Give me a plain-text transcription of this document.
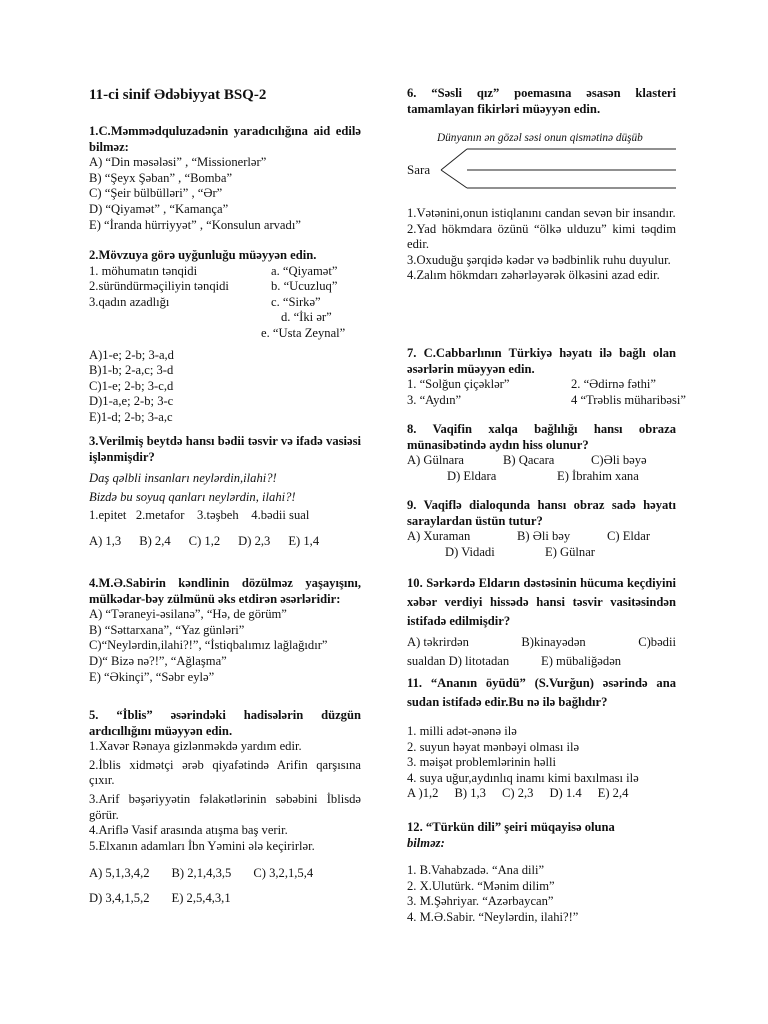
11-ci sinif Ədəbiyyat BSQ-2
1.C.Məmmədquluzadənin yaradıcılığına aid edilə bilməz:
A) “Din məsələsi” , “Missionerlər”
B) “Şeyx Şəban” , “Bomba”
C) “Şeir bülbülləri” , “Ər”
D) “Qiyamət” , “Kamança”
E) “İranda hürriyyət” , “Konsulun arvadı”
2.Mövzuya görə uyğunluğu müəyyən edin.
1. möhumatın tənqidi	a. “Qiyamət”
2.süründürməçiliyin tənqidi	b. “Ucuzluq”
3.qadın azadlığı	c. “Sirkə”
d. “İki ər”
e. “Usta Zeynal”
A)1-e; 2-b; 3-a,d
B)1-b; 2-a,c; 3-d
C)1-e; 2-b; 3-c,d
D)1-a,e; 2-b; 3-c
E)1-d; 2-b; 3-a,c
3.Verilmiş beytdə hansı bədii təsvir və ifadə vasiəsi işlənmişdir?
Daş qəlbli insanları neylərdin,ilahi?!
Bizdə bu soyuq qanları neylərdin, ilahi?!
1.epitet   2.metafor    3.təşbeh    4.bədii sual
A) 1,3 B) 2,4 C) 1,2 D) 2,3 E) 1,4
4.M.Ə.Sabirin kəndlinin dözülməz yaşayışını, mülkədar-bəy zülmünü əks etdirən əsərləridir:
A) “Təraneyi-əsilanə”, “Hə, de görüm”
B) “Səttarxana”, “Yaz günləri”
C)“Neylərdin,ilahi?!”, “İstiqbalımız lağlağıdır”
D)“ Bizə nə?!”, “Ağlaşma”
E) “Əkinçi”, “Səbr eylə”
5. “İblis” əsərindəki hadisələrin düzgün ardıcıllığını müəyyən edin.
1.Xavər Rənaya gizlənməkdə yardım edir.
2.İblis xidmətçi ərəb qiyafətində Arifin qarşısına çıxır.
3.Arif bəşəriyyətin fəlakətlərinin səbəbini İblisdə görür.
4.Ariflə Vasif arasında atışma baş verir.
5.Elxanın adamları İbn Yəmini ələ keçirirlər.
A) 5,1,3,4,2 B) 2,1,4,3,5 C) 3,2,1,5,4
D) 3,4,1,5,2 E) 2,5,4,3,1
6. “Səsli qız” poemasına əsasən klasteri tamamlayan fikirləri müəyyən edin.
Dünyanın ən gözəl səsi onun qismətinə düşüb
Sara
1.Vətənini,onun istiqlanını candan sevən bir insandır.
2.Yad hökmdara özünü “ölkə ulduzu” kimi təqdim edir.
3.Oxuduğu şərqidə kədər və bədbinlik ruhu duyulur.
4.Zalım hökmdarı zəhərləyərək ölkəsini azad edir.
7. C.Cabbarlının Türkiyə həyatı ilə bağlı olan əsərlərin müəyyən edin.
1. “Solğun çiçəklər”	2. “Ədirnə fəthi”
3. “Aydın”	4 “Trəblis müharibəsi”
8. Vaqifin xalqa bağlılığı hansı obraza münasibətində aydın hiss olunur?
A) Gülnara	B) Qacara	C)Əli bəyə
D) Eldara	E) İbrahim xana
9. Vaqiflə dialoqunda hansı obraz sadə həyatı saraylardan üstün tutur?
A) Xuraman	B) Əli bəy	C) Eldar
D) Vidadi	E) Gülnar
10. Sərkərdə Eldarın dəstəsinin hücuma keçdiyini xəbər verdiyi hissədə hansi təsvir vasitəsindən istifadə edilmişdir?
A) təkrirdən	B)kinayədən	C)bədii
sualdan D) litotadan	E) mübaliğədən
11. “Ananın öyüdü” (S.Vurğun) əsərində ana sudan istifadə edir.Bu nə ilə bağlıdır?
1. milli adət-ənənə ilə
2. suyun həyat mənbəyi olması ilə
3. məişət problemlərinin həlli
4. suya uğur,aydınlıq inamı kimi baxılması ilə
A )1,2 B) 1,3 C) 2,3 D) 1.4 E) 2,4
12. “Türkün dili” şeiri müqayisə oluna
bilməz:
1. B.Vahabzadə. “Ana dili”
2. X.Ulutürk. “Mənim dilim”
3. M.Şəhriyar. “Azərbaycan”
4. M.Ə.Sabir. “Neylərdin, ilahi?!”
